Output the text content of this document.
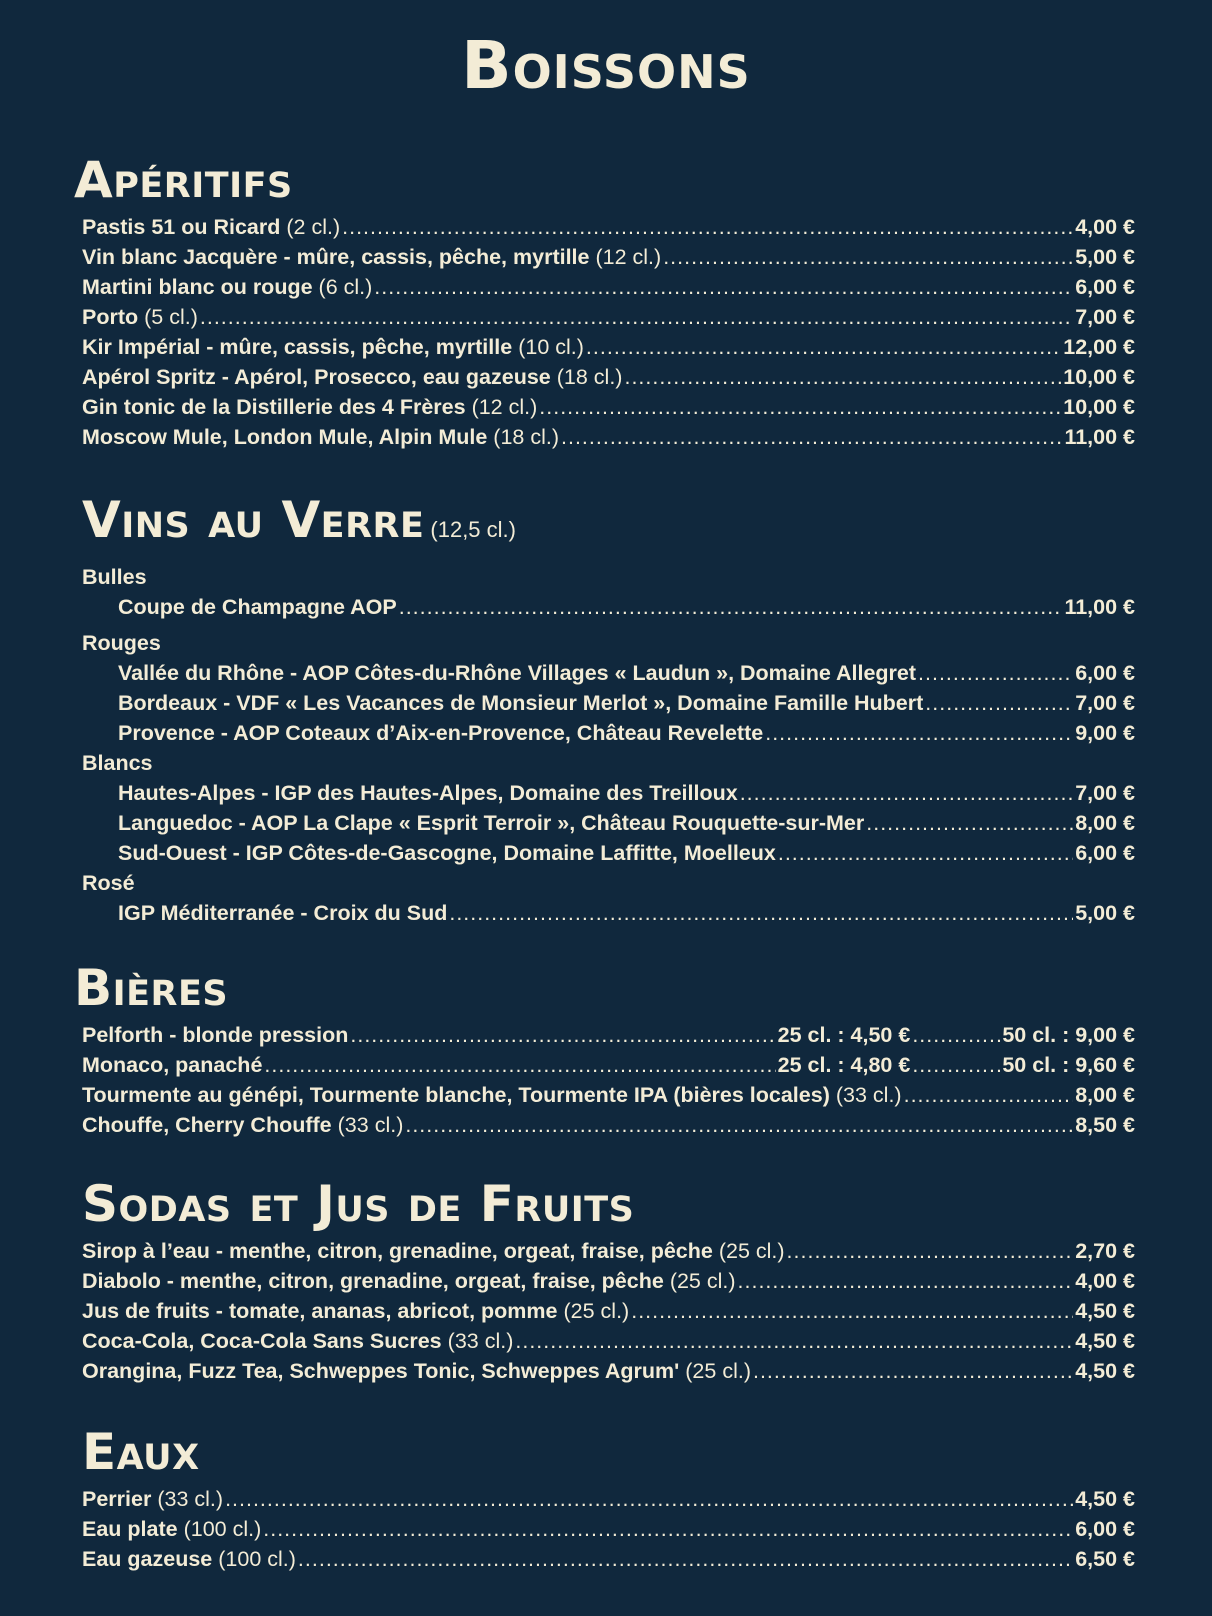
Boissons
Apéritifs
Pastis 51 ou Ricard (2 cl.) .....	4,00 €
Vin blanc Jacquère - mûre, cassis, pêche, myrtille (12 cl.) .....	5,00 €
Martini blanc ou rouge (6 cl.) .....	6,00 €
Porto (5 cl.) .....	7,00 €
Kir Impérial - mûre, cassis, pêche, myrtille (10 cl.) .....	12,00 €
Apérol Spritz - Apérol, Prosecco, eau gazeuse (18 cl.) .....	10,00 €
Gin tonic de la Distillerie des 4 Frères (12 cl.) .....	10,00 €
Moscow Mule, London Mule, Alpin Mule (18 cl.) .....	11,00 €
Vins au Verre (12,5 cl.)
Bulles
Coupe de Champagne AOP .....	11,00 €
Rouges
Vallée du Rhône - AOP Côtes-du-Rhône Villages « Laudun », Domaine Allegret .....	6,00 €
Bordeaux - VDF « Les Vacances de Monsieur Merlot », Domaine Famille Hubert .....	7,00 €
Provence - AOP Coteaux d’Aix-en-Provence, Château Revelette .....	9,00 €
Blancs
Hautes-Alpes - IGP des Hautes-Alpes, Domaine des Treilloux .....	7,00 €
Languedoc - AOP La Clape « Esprit Terroir », Château Rouquette-sur-Mer .....	8,00 €
Sud-Ouest - IGP Côtes-de-Gascogne, Domaine Laffitte, Moelleux .....	6,00 €
Rosé
IGP Méditerranée - Croix du Sud .....	5,00 €
Bières
Pelforth - blonde pression .....	25 cl. : 4,50 € .....	50 cl. : 9,00 €
Monaco, panaché .....	25 cl. : 4,80 € .....	50 cl. : 9,60 €
Tourmente au génépi, Tourmente blanche, Tourmente IPA (bières locales) (33 cl.) .....	8,00 €
Chouffe, Cherry Chouffe (33 cl.) .....	8,50 €
Sodas et Jus de Fruits
Sirop à l’eau - menthe, citron, grenadine, orgeat, fraise, pêche (25 cl.) .....	2,70 €
Diabolo - menthe, citron, grenadine, orgeat, fraise, pêche (25 cl.) .....	4,00 €
Jus de fruits - tomate, ananas, abricot, pomme (25 cl.) .....	4,50 €
Coca-Cola, Coca-Cola Sans Sucres (33 cl.) .....	4,50 €
Orangina, Fuzz Tea, Schweppes Tonic, Schweppes Agrum' (25 cl.) .....	4,50 €
Eaux
Perrier (33 cl.) .....	4,50 €
Eau plate (100 cl.) .....	6,00 €
Eau gazeuse (100 cl.) .....	6,50 €
